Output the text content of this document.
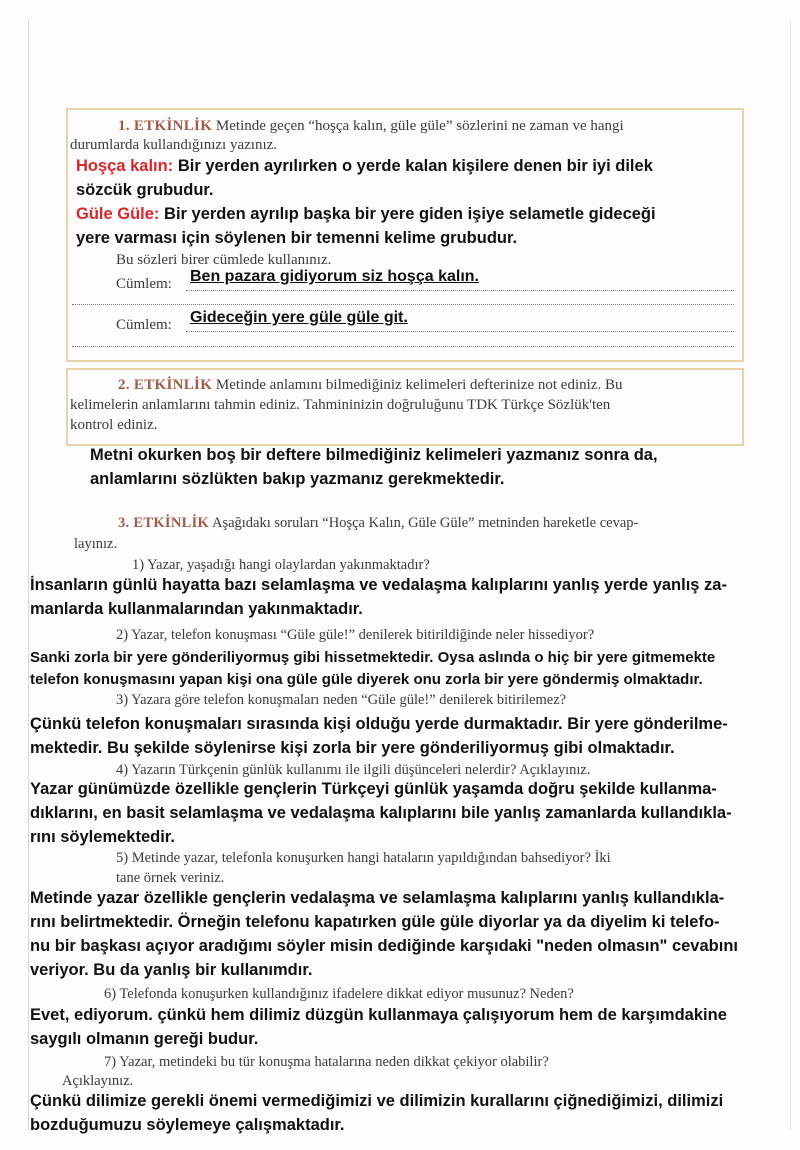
1. ETKİNLİK Metinde geçen “hoşça kalın, güle güle” sözlerini ne zaman ve hangi
durumlarda kullandığınızı yazınız.
Hoşça kalın: Bir yerden ayrılırken o yerde kalan kişilere denen bir iyi dilek
sözcük grubudur.
Güle Güle: Bir yerden ayrılıp başka bir yere giden işiye selametle gideceği
yere varması için söylenen bir temenni kelime grubudur.
Bu sözleri birer cümlede kullanınız.
Cümlem: Ben pazara gidiyorum siz hoşça kalın.
Cümlem: Gideceğin yere güle güle git.
2. ETKİNLİK Metinde anlamını bilmediğiniz kelimeleri defterinize not ediniz. Bu
kelimelerin anlamlarını tahmin ediniz. Tahmininizin doğruluğunu TDK Türkçe Sözlük'ten
kontrol ediniz.
Metni okurken boş bir deftere bilmediğiniz kelimeleri yazmanız sonra da,
anlamlarını sözlükten bakıp yazmanız gerekmektedir.
3. ETKİNLİK Aşağıdakı soruları “Hoşça Kalın, Güle Güle” metninden hareketle cevap-
layınız.
1) Yazar, yaşadığı hangi olaylardan yakınmaktadır?
İnsanların günlü hayatta bazı selamlaşma ve vedalaşma kalıplarını yanlış yerde yanlış za-
manlarda kullanmalarından yakınmaktadır.
2) Yazar, telefon konuşması “Güle güle!” denilerek bitirildiğinde neler hissediyor?
Sanki zorla bir yere gönderiliyormuş gibi hissetmektedir. Oysa aslında o hiç bir yere gitmemekte
telefon konuşmasını yapan kişi ona güle güle diyerek onu zorla bir yere göndermiş olmaktadır.
3) Yazara göre telefon konuşmaları neden “Güle güle!” denilerek bitirilemez?
Çünkü telefon konuşmaları sırasında kişi olduğu yerde durmaktadır. Bir yere gönderilme-
mektedir. Bu şekilde söylenirse kişi zorla bir yere gönderiliyormuş gibi olmaktadır.
4) Yazarın Türkçenin günlük kullanımı ile ilgili düşünceleri nelerdir? Açıklayınız.
Yazar günümüzde özellikle gençlerin Türkçeyi günlük yaşamda doğru şekilde kullanma-
dıklarını, en basit selamlaşma ve vedalaşma kalıplarını bile yanlış zamanlarda kullandıkla-
rını söylemektedir.
5) Metinde yazar, telefonla konuşurken hangi hataların yapıldığından bahsediyor? İki
tane örnek veriniz.
Metinde yazar özellikle gençlerin vedalaşma ve selamlaşma kalıplarını yanlış kullandıkla-
rını belirtmektedir. Örneğin telefonu kapatırken güle güle diyorlar ya da diyelim ki telefo-
nu bir başkası açıyor aradığımı söyler misin dediğinde karşıdaki "neden olmasın" cevabını
veriyor. Bu da yanlış bir kullanımdır.
6) Telefonda konuşurken kullandığınız ifadelere dikkat ediyor musunuz? Neden?
Evet, ediyorum. çünkü hem dilimiz düzgün kullanmaya çalışıyorum hem de karşımdakine
saygılı olmanın gereği budur.
7) Yazar, metindeki bu tür konuşma hatalarına neden dikkat çekiyor olabilir?
Açıklayınız.
Çünkü dilimize gerekli önemi vermediğimizi ve dilimizin kurallarını çiğnediğimizi, dilimizi
bozduğumuzu söylemeye çalışmaktadır.
